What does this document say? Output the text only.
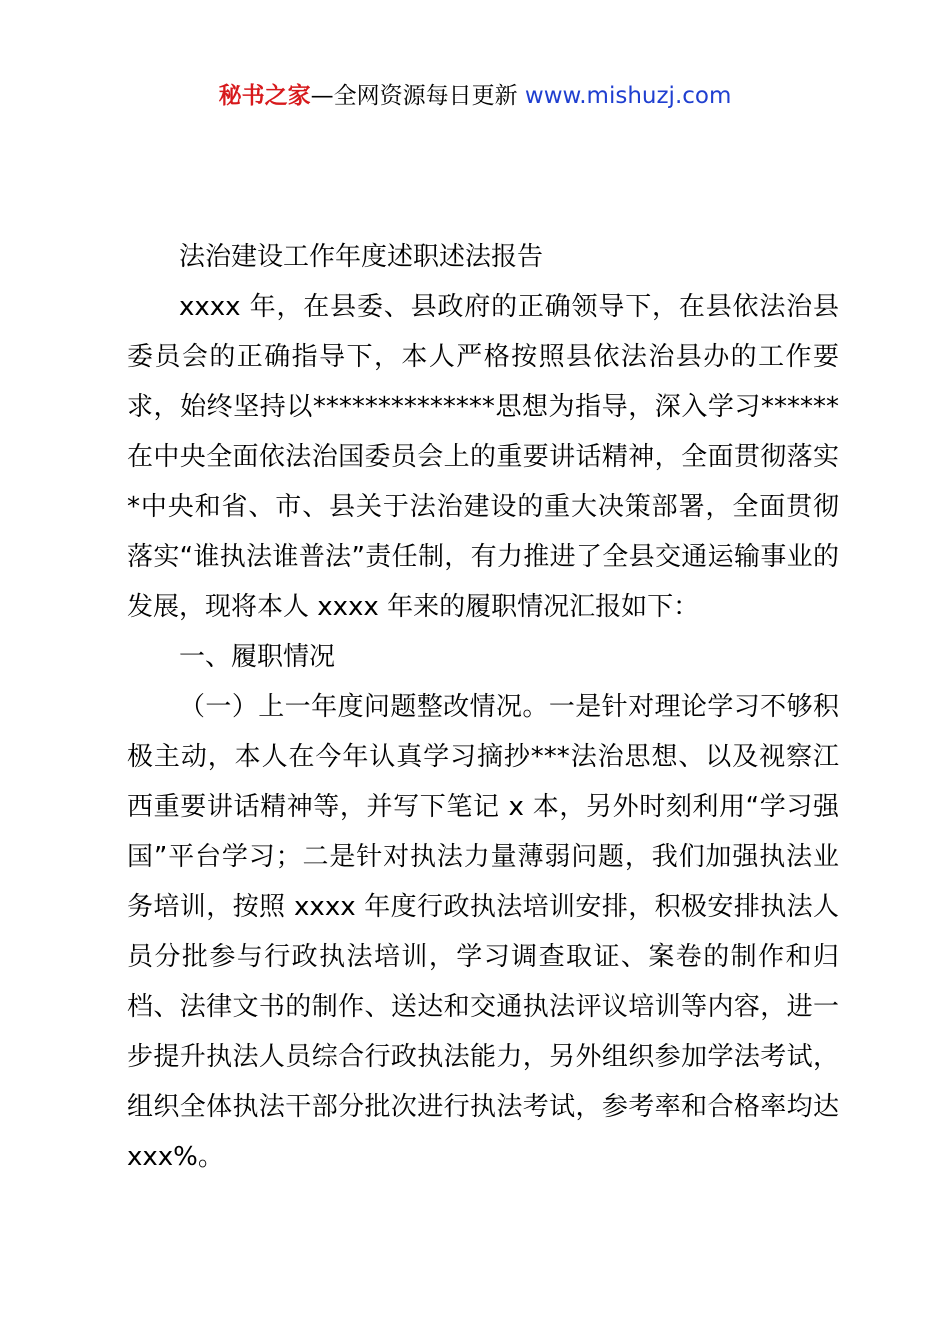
秘书之家—全网资源每日更新 www.mishuzj.com

法治建设工作年度述职述法报告

xxxx 年，在县委、县政府的正确领导下，在县依法治县委员会的正确指导下，本人严格按照县依法治县办的工作要求，始终坚持以**************思想为指导，深入学习******在中央全面依法治国委员会上的重要讲话精神，全面贯彻落实*中央和省、市、县关于法治建设的重大决策部署，全面贯彻落实“谁执法谁普法”责任制，有力推进了全县交通运输事业的发展，现将本人 xxxx 年来的履职情况汇报如下：

一、履职情况

（一）上一年度问题整改情况。一是针对理论学习不够积极主动，本人在今年认真学习摘抄***法治思想、以及视察江西重要讲话精神等，并写下笔记 x 本，另外时刻利用“学习强国”平台学习；二是针对执法力量薄弱问题，我们加强执法业务培训，按照 xxxx 年度行政执法培训安排，积极安排执法人员分批参与行政执法培训，学习调查取证、案卷的制作和归档、法律文书的制作、送达和交通执法评议培训等内容，进一步提升执法人员综合行政执法能力，另外组织参加学法考试，组织全体执法干部分批次进行执法考试，参考率和合格率均达 xxx%。
